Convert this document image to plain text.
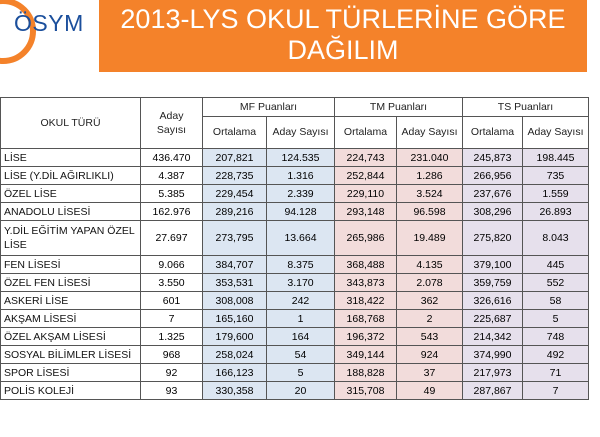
ÖSYM	2013-LYS OKUL TÜRLERİNE GÖRE
DAĞILIM
OKUL TÜRÜ	Aday Sayısı	MF Puanları		TM Puanları		TS Puanları	
		Ortalama	Aday Sayısı	Ortalama	Aday Sayısı	Ortalama	Aday Sayısı
LİSE	436.470	207,821	124.535	224,743	231.040	245,873	198.445
LİSE (Y.DİL AĞIRLIKLI)	4.387	228,735	1.316	252,844	1.286	266,956	735
ÖZEL LİSE	5.385	229,454	2.339	229,110	3.524	237,676	1.559
ANADOLU LİSESİ	162.976	289,216	94.128	293,148	96.598	308,296	26.893
Y.DİL EĞİTİM YAPAN ÖZEL LİSE	27.697	273,795	13.664	265,986	19.489	275,820	8.043
FEN LİSESİ	9.066	384,707	8.375	368,488	4.135	379,100	445
ÖZEL FEN LİSESİ	3.550	353,531	3.170	343,873	2.078	359,759	552
ASKERİ LİSE	601	308,008	242	318,422	362	326,616	58
AKŞAM LİSESİ	7	165,160	1	168,768	2	225,687	5
ÖZEL AKŞAM LİSESİ	1.325	179,600	164	196,372	543	214,342	748
SOSYAL BİLİMLER LİSESİ	968	258,024	54	349,144	924	374,990	492
SPOR LİSESİ	92	166,123	5	188,828	37	217,973	71
POLİS KOLEJİ	93	330,358	20	315,708	49	287,867	7
